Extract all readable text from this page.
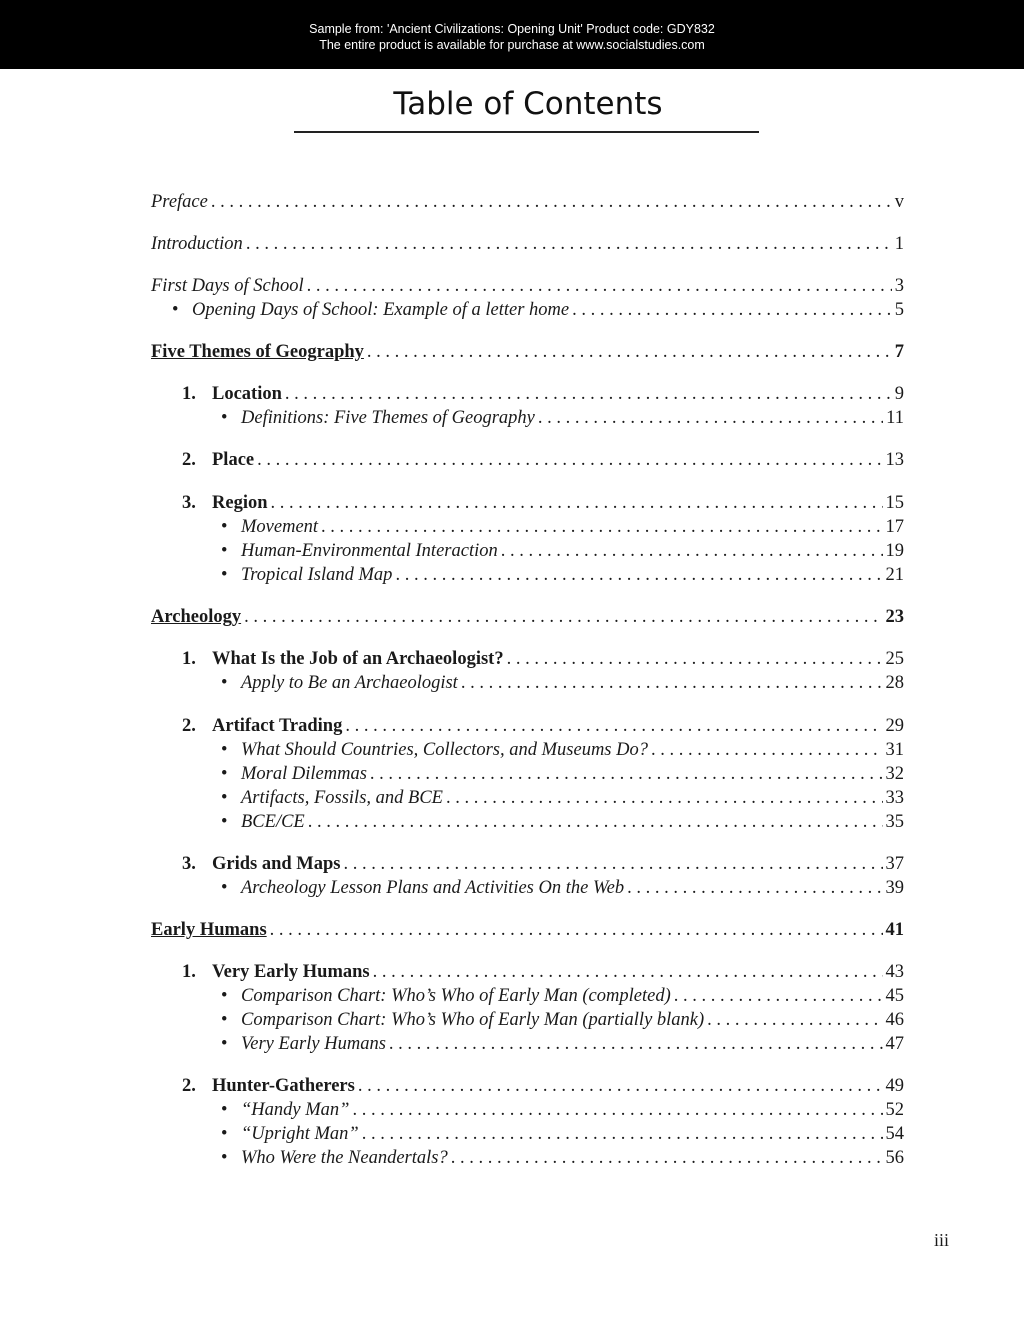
Sample from: 'Ancient Civilizations: Opening Unit' Product code: GDY832
The entire product is available for purchase at www.socialstudies.com
Table of Contents
Preface . . .	v
Introduction . . .	1
First Days of School . . .	3
• Opening Days of School: Example of a letter home . . .	5
Five Themes of Geography . . .	7
1. Location . . .	9
• Definitions: Five Themes of Geography . . .	11
2. Place . . .	13
3. Region . . .	15
• Movement . . .	17
• Human-Environmental Interaction . . .	19
• Tropical Island Map . . .	21
Archeology . . .	23
1. What Is the Job of an Archaeologist? . . .	25
• Apply to Be an Archaeologist . . .	28
2. Artifact Trading . . .	29
• What Should Countries, Collectors, and Museums Do? . . .	31
• Moral Dilemmas . . .	32
• Artifacts, Fossils, and BCE . . .	33
• BCE/CE . . .	35
3. Grids and Maps . . .	37
• Archeology Lesson Plans and Activities On the Web . . .	39
Early Humans . . .	41
1. Very Early Humans . . .	43
• Comparison Chart: Who’s Who of Early Man (completed) . . .	45
• Comparison Chart: Who’s Who of Early Man (partially blank) . . .	46
• Very Early Humans . . .	47
2. Hunter-Gatherers . . .	49
• “Handy Man” . . .	52
• “Upright Man” . . .	54
• Who Were the Neandertals? . . .	56
iii
